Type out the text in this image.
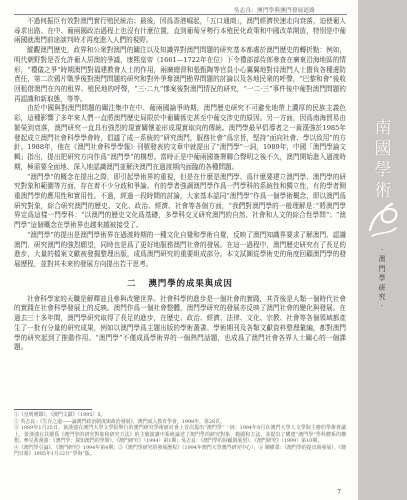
吳志良：澳門學與澳門發展道路

不過何振臣有效對澳門實行殖民統治；最後，因爲香港崛起，「五口通商」，澳門經濟快速走向衰落，迫使葡人尋求出路。在中、葡兩國政治過程上也沒有什麼位置，直到葡萄牙勢行本殖民化政策和中國改革開放，特別是中葡兩國就澳門前途談判時才再度進入人們的視野。

縱觀澳門歷史，政界和公衆對澳門的關注以及知識界對澳門問題的研究基本都處於澳門歷史的轉折點：例如，明代朝野對是否允許葡人居澳的爭議，康熙皇帝（1661—1722年在位）下令禮部部侍郎參查在廣東沿海地區的情形，“禮儀之爭”時期澳門對福建教會人士的作用，兩廣總督和張甄陶等官員小心翼翼地對待澳門人士擔負各種邊防責任，第二次鴉片戰爭後對澳門問題的研究和對外爭奪澳門勘界問題的討論以及各地民衆的呼聲，“巴黎和會”後收回租借澳門在內的租界、殖民地的呼聲，“三·二九”慘案後對澳門情況的研究，“一二·三”事件後中葡對澳門問題的再認識和新取態，等等。

由於中國與對澳門問題的關注集中在中、葡兩國論爭時期，澳門歷史研究不可避免地帶上濃厚的民族主義色彩，這種影響了多年來人們一直將澳門歷史局限於中葡關係史甚至中葡交涉史的原因。另一方面，因爲南海貿易由繁榮到衰落，澳門研究一直具有強烈的現實關懷並形成現實取向的傳統。澳門學最早倡導者之一黃漢強於1985年發起成立澳門社會科學學會時，倡議了成一系統的“研究澳門，服務社會”爲宗旨，堅持“面向社會、學以致用”的方針。1988年，他在《澳門社會科學學報》刊號發表的文章中就提出了“澳門學”一詞，1989年，中國「澳門學論文輯」指出，提出把研究方向作爲“澳門學”的構想。當時正是中葡兩國簽署聯合聲明之後不久，澳門開始進入過渡時期，極需要全面地、深入地認識澳門並解決澳門在過渡期內面臨的各種問題。

“澳門學”的概念在提出之際，即引起學術界的重視，但是在什麼是澳門學、爲什麼要建立澳門學、澳門學的研究對象和範圍等方面，存在着不少分歧和爭論。有的學者強調澳門學作爲一門學科的系統性和獨立性，有的學者側重澳門學的應用性和實用性。不過，經過一段時間的討論，大家基本認同“澳門學”作爲一個學術概念，即以澳門爲研究對象，綜合研究澳門的歷史、文化、政治、經濟、社會等各個方面，“我們對澳門學的一般理解是：”將澳門學界定爲這樣一門學科：“以澳門的歷史文化爲基礎，多學科交叉研究澳門的自然、社會和人文的綜合性學問”；“澳門學”這個概念在學術界也越來越被接受了。

“澳門學”的提出是澳門學術界在過渡時期的一種文化自覺和學術自覺，反映了澳門知識界要求了解澳門、認識澳門、研究澳門的強烈願望，同時也是爲了更好地服務澳門社會的發展。在這一過程中，澳門歷史研究有了長足的進步，大量的檔案文獻被發掘整理出版，成爲澳門研究的重要組成部分。本文試圖從學術史的角度回顧澳門學的發展歷程，並對其未來的發展方向提出若干思考。

二 澳門學的成果與成因

社會科學家的天職是解釋並且參與改變世界。社會科學的進步是一個社會的實踐，其背後是人類一個時代社會的實踐在社會科學發展上的反映。澳門作爲一個社會整體，澳門學研究的發展亦反映了澳門社會的變化與發展。在過去三十多年間，澳門學研究取得了長足的進步，在歷史、政治、經濟、法律、文化、宗教、社會等各個領域都產生了一批有分量的研究成果，例如以澳門學爲主題出版的學術叢書、學術期刊及各類文獻資料整理彙編，都對澳門學的研究起到了推動作用。“澳門學”不僅成爲學術界的一個熱門話題，也成爲了澳門社會各界人士關心的一個課題。

①《皇明實錄》，《澳門文獻》（1995）5。

② 吳志良：《生存之道——論澳門政治制度與政治發展》，澳門成人教育學會，1998年，第28頁。

③ 1989年1月25日，黃漢強在澳門大學文學院舉行的澳門研究學術研討會上首次提出“澳門學”一詞；1994年8月在澳門大學人文學院主辦的學術會議上，黃漢強在其題爲《澳門學的研究對象和研究方法》的主題演講中系統論述了澳門學的研究對象、範圍和方法，並提出了構建“澳門學”學科體系的構想。參見黃漢強：《澳門學：探知澳門的學問》，《澳門研究》（1994）第1期；吳志良：《澳門學的回顧與展望》，《澳門研究》（1999）第10期。

④《澳門學引論》，《澳門研究》1994年第4期；⑤《澳門學研究的發展歷程》（1994年澳門大學澳門研究中心），⑥ 陳樹榮：《澳門學的提出與發展》，《澳門日報》1995年1月22日“學海”版。

7
南
國
學
術
·
澳
門
學
研
究
·
